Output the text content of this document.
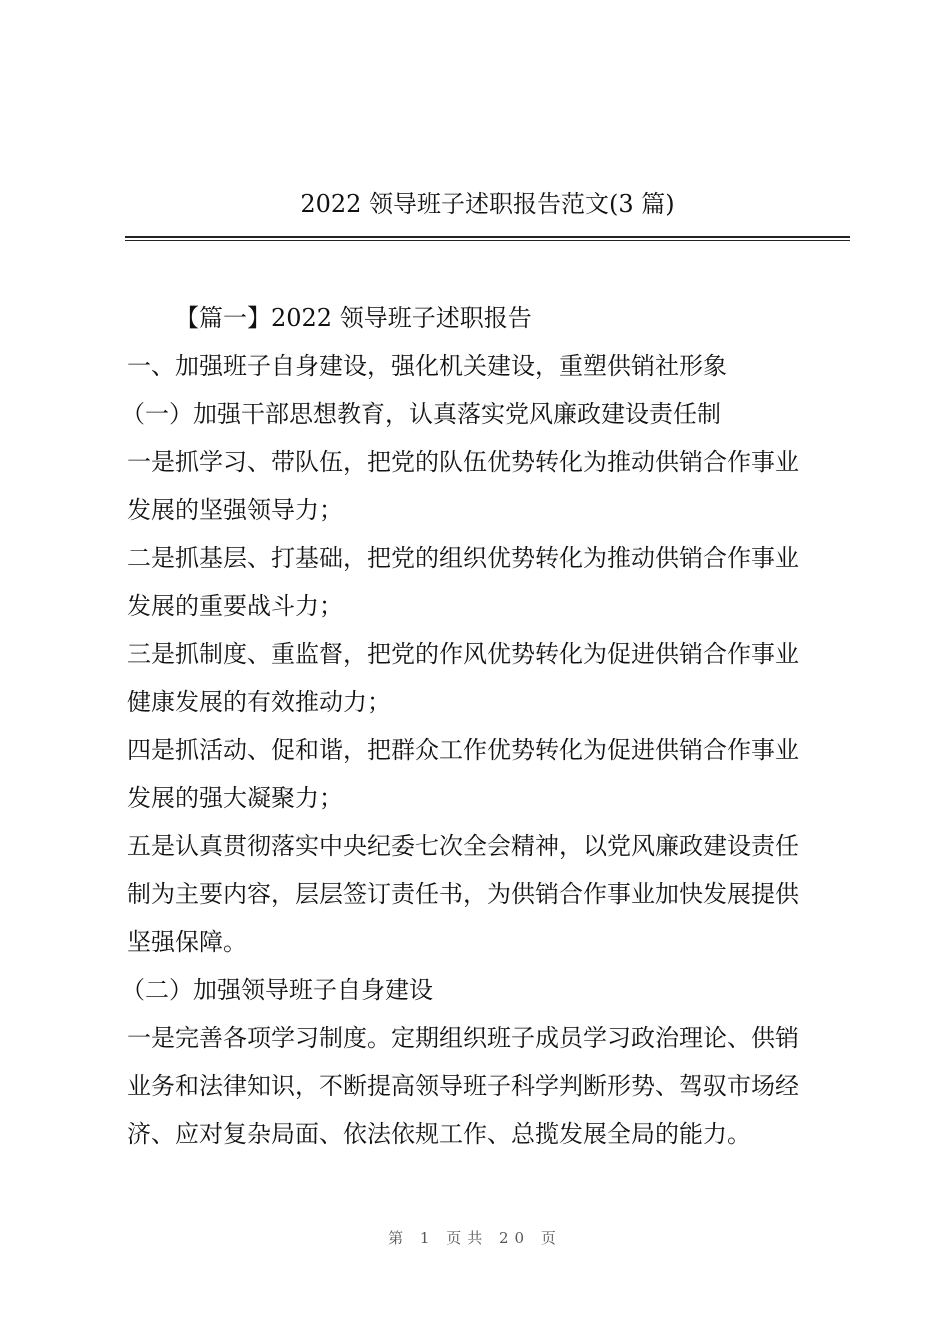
2022 领导班子述职报告范文(3 篇)

【篇一】2022 领导班子述职报告

一、加强班子自身建设，强化机关建设，重塑供销社形象

（一）加强干部思想教育，认真落实党风廉政建设责任制

一是抓学习、带队伍，把党的队伍优势转化为推动供销合作事业

发展的坚强领导力；

二是抓基层、打基础，把党的组织优势转化为推动供销合作事业

发展的重要战斗力；

三是抓制度、重监督，把党的作风优势转化为促进供销合作事业

健康发展的有效推动力；

四是抓活动、促和谐，把群众工作优势转化为促进供销合作事业

发展的强大凝聚力；

五是认真贯彻落实中央纪委七次全会精神，以党风廉政建设责任

制为主要内容，层层签订责任书，为供销合作事业加快发展提供

坚强保障。

（二）加强领导班子自身建设

一是完善各项学习制度。定期组织班子成员学习政治理论、供销

业务和法律知识，不断提高领导班子科学判断形势、驾驭市场经

济、应对复杂局面、依法依规工作、总揽发展全局的能力。

第 1 页共 20 页
